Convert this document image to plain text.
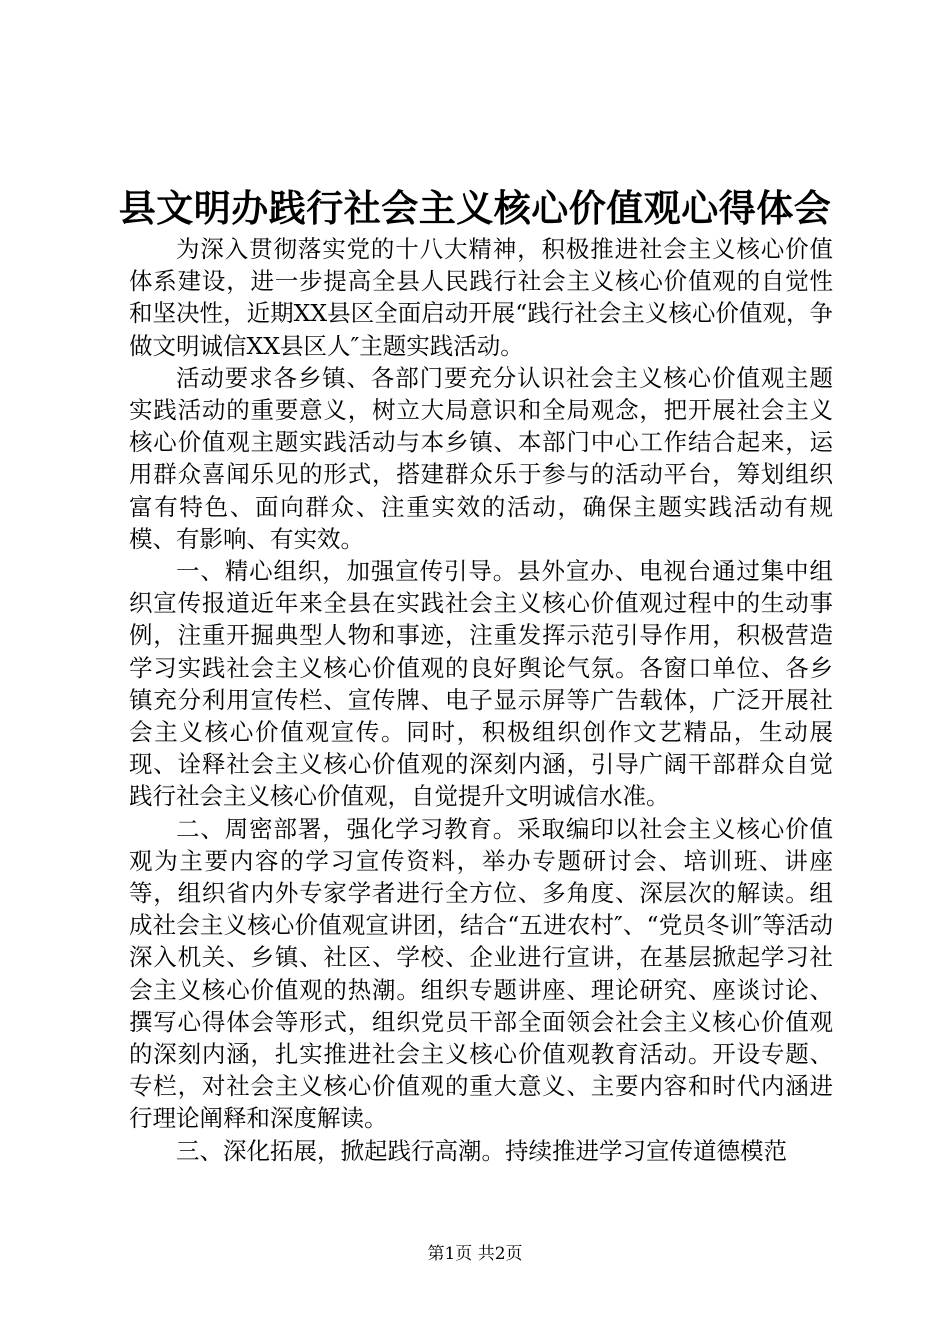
县文明办践行社会主义核心价值观心得体会

为深入贯彻落实党的十八大精神，积极推进社会主义核心价值体系建设，进一步提高全县人民践行社会主义核心价值观的自觉性和坚决性，近期XX县区全面启动开展“践行社会主义核心价值观，争做文明诚信XX县区人″主题实践活动。

活动要求各乡镇、各部门要充分认识社会主义核心价值观主题实践活动的重要意义，树立大局意识和全局观念，把开展社会主义核心价值观主题实践活动与本乡镇、本部门中心工作结合起来，运用群众喜闻乐见的形式，搭建群众乐于参与的活动平台，筹划组织富有特色、面向群众、注重实效的活动，确保主题实践活动有规模、有影响、有实效。

一、精心组织，加强宣传引导。县外宣办、电视台通过集中组织宣传报道近年来全县在实践社会主义核心价值观过程中的生动事例，注重开掘典型人物和事迹，注重发挥示范引导作用，积极营造学习实践社会主义核心价值观的良好舆论气氛。各窗口单位、各乡镇充分利用宣传栏、宣传牌、电子显示屏等广告载体，广泛开展社会主义核心价值观宣传。同时，积极组织创作文艺精品，生动展现、诠释社会主义核心价值观的深刻内涵，引导广阔干部群众自觉践行社会主义核心价值观，自觉提升文明诚信水准。

二、周密部署，强化学习教育。采取编印以社会主义核心价值观为主要内容的学习宣传资料，举办专题研讨会、培训班、讲座等，组织省内外专家学者进行全方位、多角度、深层次的解读。组成社会主义核心价值观宣讲团，结合“五进农村″、“党员冬训″等活动深入机关、乡镇、社区、学校、企业进行宣讲，在基层掀起学习社会主义核心价值观的热潮。组织专题讲座、理论研究、座谈讨论、撰写心得体会等形式，组织党员干部全面领会社会主义核心价值观的深刻内涵，扎实推进社会主义核心价值观教育活动。开设专题、专栏，对社会主义核心价值观的重大意义、主要内容和时代内涵进行理论阐释和深度解读。

三、深化拓展，掀起践行高潮。持续推进学习宣传道德模范

第1页 共2页
